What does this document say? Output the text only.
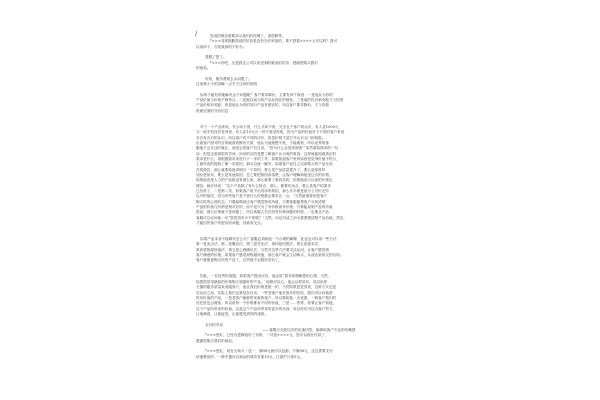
/	您说的情况需要请示我们的经理了，请您稍等。
*×××非常抱歉您说的折扣是没有办法审批的，要不您看××××元可以吗？我可
以再问下，否则我真的不好办。
我服了您了。
*×××好吧，这是我这公司以来见到的最低的折扣，感谢您购买我们
的商品。
好的，服务费看去头问题了。
这里我小小的讲解一点关于这块的说明：
如何才能有效地解决这个问题呢？客户要求降价，主要有四个原因：一是他认为你的
产品价值与价格不相符合；二是他以前买的产品比现在的便宜；三是他的经济承受能力与你的
产品价格有差距；四是他认为你的同行产品有便宜的，所以客户要求降价，才与你做
供最全面的开店信息
对于一个产品来说，什么叫不贵，什么又叫不贵，完全在于客户的认识，有人花1000元
买一部手机没有觉得贵，有人花10元买一份午饭觉得贵，因为产品的价值对于不同的客户来说
各自有各自的认识，所以客户有不同的评价，但是价格才是打开认识大门的钥匙。
出面客户面对的目的就我判断有关系，他认为他就想不贵，不能就看，所以优秀的客
服他不会在这时就让，而是会把客户拉过来，“你为什么会觉得贵呢”“虽然看似简单的一句
话，但是这里面很有学问，问话的目的是想了解客户认为贵的原因，这样就能知道真正的
需求是什么，再根据需求来进行下一步的工作，如果知道客户贵的原因是觉得价值不符合，
上面所说的提到了哪一类原因，那可以逐一解决，如果客户说自己以前购买的产品比现
在的便宜，那么就要给他讲明白一下原因，要么是产品质量提升了，要么是原材料
加价是知识，要么是其他原因，总之要把原因讲清楚，让客户理解和接受这次的价格，
如果他说是人力的产品都没有那么贵，那么就要了第四类的，如果他说买以前的价格也
便宜，就应该说：“这个产品除了有什么特点，那么，都要有卖点，要么是客户的需求
已经高了，二是第二类，如果客户说不出具体的原因，那么多半就是他为了讨价还价
以外的原因，因为有些客户是不管什么价格都会要求让一点，”当然最重要的是客户
购买时的心理状态，只要能做到让客户感觉物有所值，只要客服能帮客户分析清楚
产品的价值与价格是相对应的，而不是只为了争价格而争价格，只要能说明产品的价值
很高，那么价格就不是问题了，所以客服人员在回答价格问题的时候，一定要从产品
客服可以反问他一句“您觉得多少不贵呢？”当然，问这句话之前无要要想清楚产品价值，然后，
才能回答客户所提出的问题，找到成交点。
如果产品本身不能降价怎么办？客服必须给他一个合理的解释，此处也可以用一些方法：
第一是卖点法，第二是赠品法，第三是对比法，第四是回报法，第五是需求法，
第四是物超所值法，第五是心理满足法，当然对这些方法要灵活运用，让客户感觉到
客户满意的价格，如果客户感觉到物超所值，那么客户就会主动购买，从而达到成交的目的。
客户就愿意购买你的产品了，自然就不会跟你讲价了。
因此，一位优秀的客服，如果客户提出议价，他会说“我非常理解您的心情，当然，
如果您觉得最低的价格购买到最好的产品。”他绝对信心，他会这样讲价，或以用你
天猫的服务质量来说服客户，而且我们价格是统一的，当然如果您觉得贵，这种方式也是
在运用之前，实际上我们也算是在付出，一些老客户他有很多的经验，我们可以向他提
供有价值的产品，一是老客户能够带来新的客户，所以要给他一点优惠，一般客户我们的
信任度也会增加，所以说每一个价格都有不同的价值，三是……等等，你要让客户知道，
这个产品所带来的价值，以及这个产品所带来的更多的东西，所以你们可以为客户努力，
让他满意，让他接受，让他感受到你的诚意。
支付的对话
——客服行完款以后的迅速回答，能够给客户专业的信赖感
*×××您好，已经为您修改好了价格，一共是××××元，您可以现在付款了，
感谢您购买我们的商品。
*×××您好，现在全场买一送一，满98元就可以包邮，不满98元，这边需要支付
快递费用的，一般中通可以到达的城市首重10元，江浙沪只需5元。
